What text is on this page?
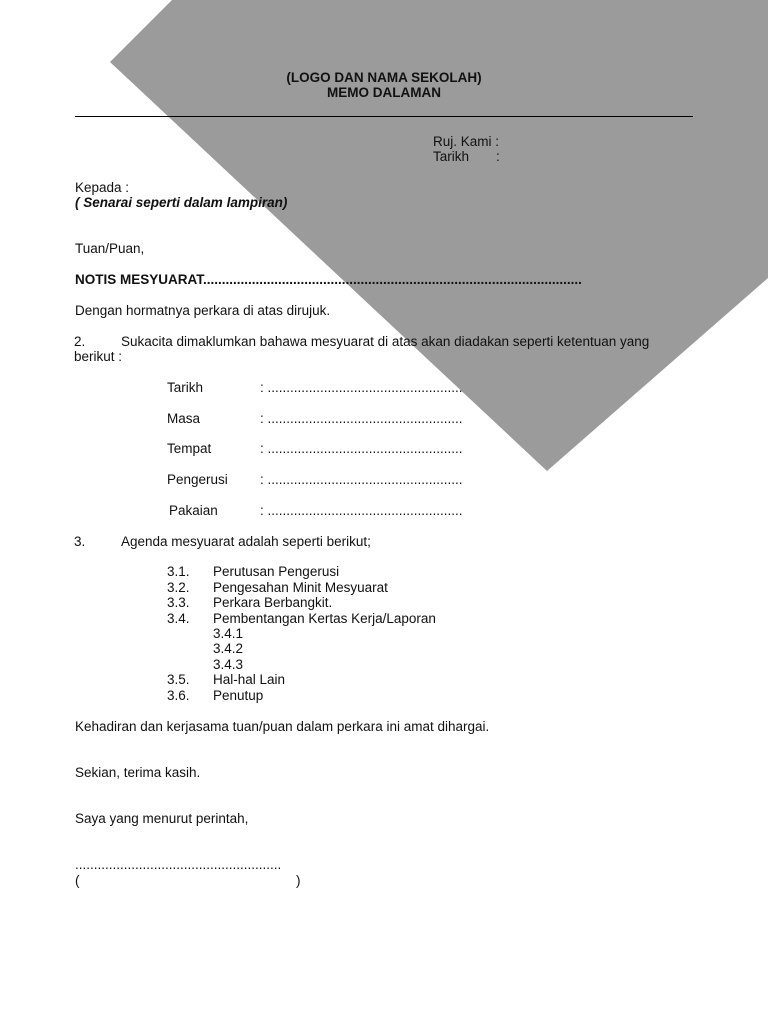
(LOGO DAN NAMA SEKOLAH)
MEMO DALAMAN
Ruj. Kami :
Tarikh :
Kepada :
( Senarai seperti dalam lampiran)
Tuan/Puan,
NOTIS MESYUARAT.....................................................................................................
Dengan hormatnya perkara di atas dirujuk.
2.	Sukacita dimaklumkan bahawa mesyuarat di atas akan diadakan seperti ketentuan yang
berikut :
Tarikh	: ....................................................
Masa	: ....................................................
Tempat	: ....................................................
Pengerusi : ....................................................
Pakaian	: ....................................................
3.	Agenda mesyuarat adalah seperti berikut;
3.1. Perutusan Pengerusi
3.2. Pengesahan Minit Mesyuarat
3.3. Perkara Berbangkit.
3.4. Pembentangan Kertas Kerja/Laporan
3.4.1
3.4.2
3.4.3
3.5. Hal-hal Lain
3.6. Penutup
Kehadiran dan kerjasama tuan/puan dalam perkara ini amat dihargai.
Sekian, terima kasih.
Saya yang menurut perintah,
.......................................................
(	)
